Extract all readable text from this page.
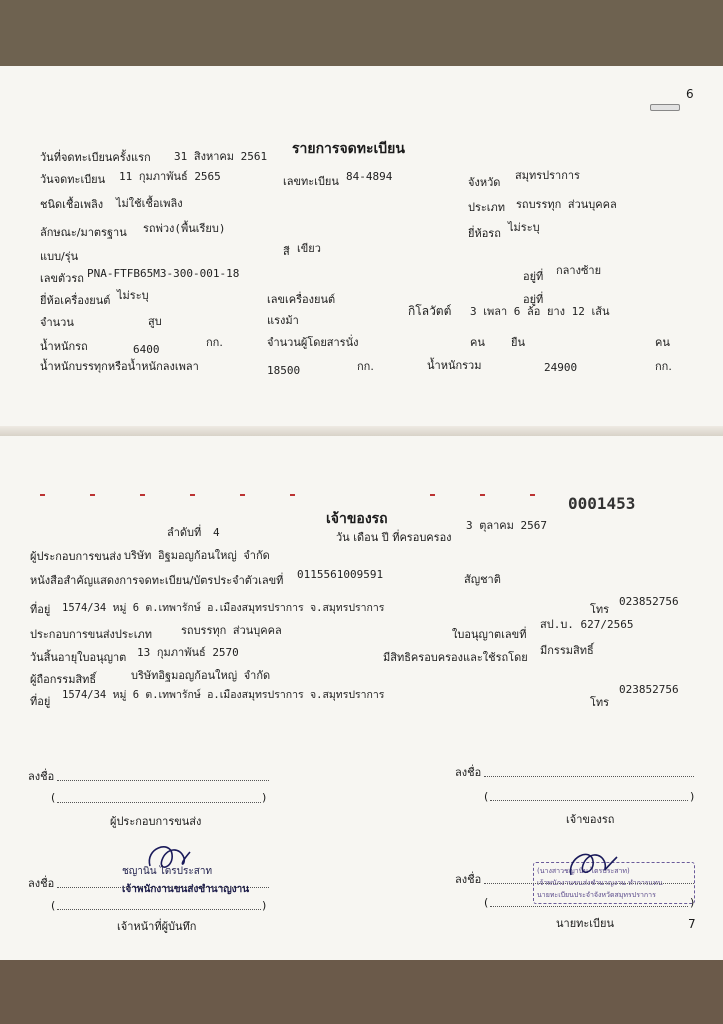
6
รายการจดทะเบียน
วันที่จดทะเบียนครั้งแรก 31 สิงหาคม 2561
วันจดทะเบียน 11 กุมภาพันธ์ 2565	เลขทะเบียน 84-4894	จังหวัด
สมุทรปราการ
ชนิดเชื้อเพลิง ไม่ใช้เชื้อเพลิง	ประเภท รถบรรทุก ส่วนบุคคล
ลักษณะ/มาตรฐาน รถพ่วง(พื้นเรียบ)	ยี่ห้อรถ ไม่ระบุ
แบบ/รุ่น	สี เขียว
เลขตัวรถ PNA-FTFB65M3-300-001-18	อยู่ที่ กลางซ้าย
ยี่ห้อเครื่องยนต์ ไม่ระบุ	เลขเครื่องยนต์	อยู่ที่
จำนวน	สูบ	แรงม้า
กิโลวัตต์ 3 เพลา 6 ล้อ ยาง 12 เส้น
น้ำหนักรถ	6400
กก.	จำนวนผู้โดยสารนั่ง	คน ยืน	คน
น้ำหนักบรรทุกหรือน้ำหนักลงเพลา	18500	กก.	น้ำหนักรวม	24900	กก.
0001453
เจ้าของรถ
ลำดับที่ 4	วัน เดือน ปี ที่ครอบครอง
3 ตุลาคม 2567
ผู้ประกอบการขนส่ง บริษัท อิฐมอญก้อนใหญ่ จำกัด
หนังสือสำคัญแสดงการจดทะเบียน/บัตรประจำตัวเลขที่ 0115561009591	สัญชาติ
ที่อยู่ 1574/34 หมู่ 6 ต.เทพารักษ์ อ.เมืองสมุทรปราการ จ.สมุทรปราการ	โทร
023852756
ประกอบการขนส่งประเภท	รถบรรทุก ส่วนบุคคล	ใบอนุญาตเลขที่
สป.บ. 627/2565
วันสิ้นอายุใบอนุญาต 13 กุมภาพันธ์ 2570	มีสิทธิครอบครองและใช้รถโดย
มีกรรมสิทธิ์
ผู้ถือกรรมสิทธิ์	บริษัทอิฐมอญก้อนใหญ่ จำกัด
ที่อยู่ 1574/34 หมู่ 6 ต.เทพารักษ์ อ.เมืองสมุทรปราการ จ.สมุทรปราการ
โทร
023852756
ลงชื่อ
(	)
ผู้ประกอบการขนส่ง
ลงชื่อ
(	)
เจ้าของรถ
ชญานิน ไตรประสาท
เจ้าพนักงานขนส่งชำนาญงาน
ลงชื่อ
(	)
เจ้าหน้าที่ผู้บันทึก
(นางสาวชญานิน ไตรประสาท)
เจ้าพนักงานขนส่งชำนาญงาน ทำการแทน
นายทะเบียนประจำจังหวัดสมุทรปราการ
ลงชื่อ
(	)
นายทะเบียน	7
